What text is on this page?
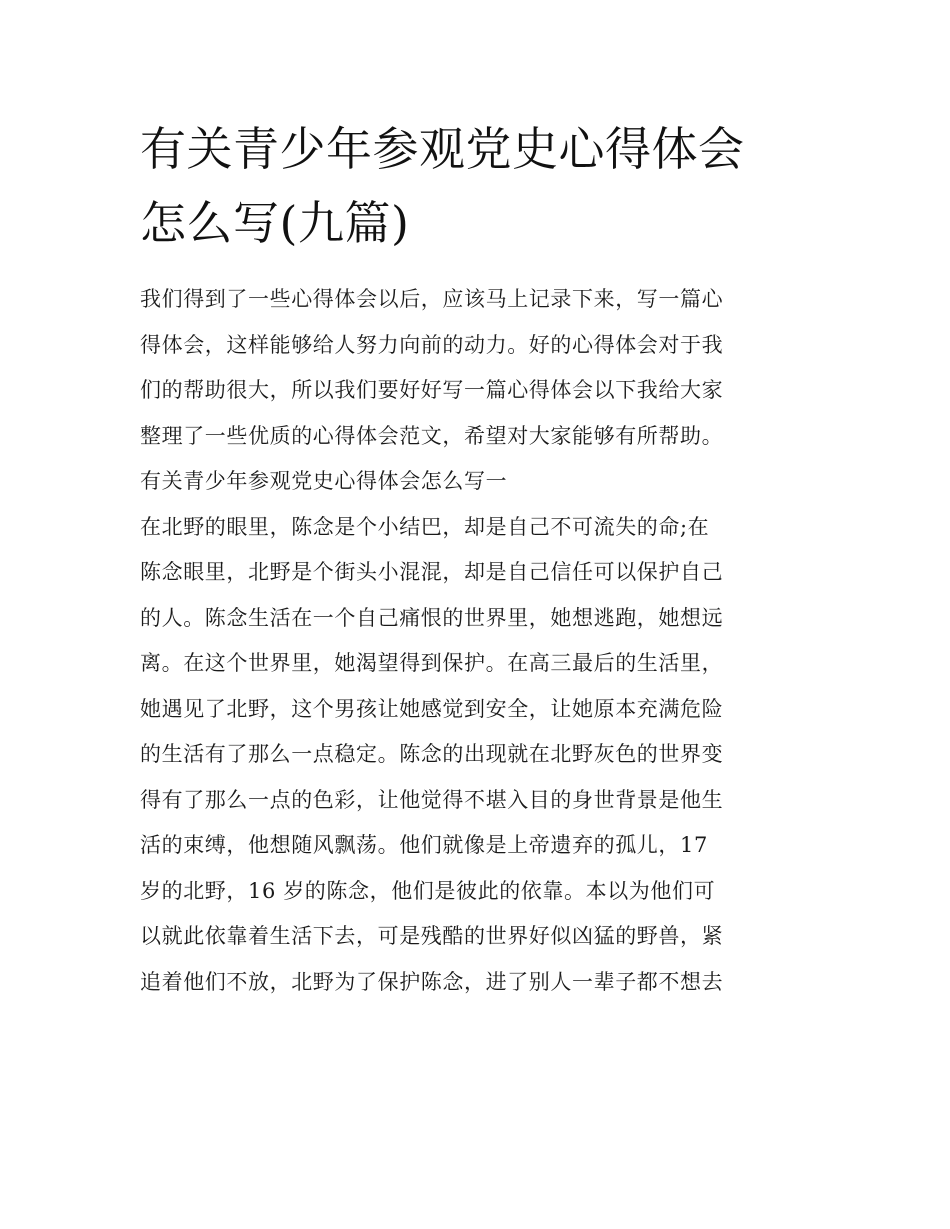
有关青少年参观党史心得体会
怎么写(九篇)
我们得到了一些心得体会以后，应该马上记录下来，写一篇心
得体会，这样能够给人努力向前的动力。好的心得体会对于我
们的帮助很大，所以我们要好好写一篇心得体会以下我给大家
整理了一些优质的心得体会范文，希望对大家能够有所帮助。
有关青少年参观党史心得体会怎么写一
在北野的眼里，陈念是个小结巴，却是自己不可流失的命;在
陈念眼里，北野是个街头小混混，却是自己信任可以保护自己
的人。陈念生活在一个自己痛恨的世界里，她想逃跑，她想远
离。在这个世界里，她渴望得到保护。在高三最后的生活里，
她遇见了北野，这个男孩让她感觉到安全，让她原本充满危险
的生活有了那么一点稳定。陈念的出现就在北野灰色的世界变
得有了那么一点的色彩，让他觉得不堪入目的身世背景是他生
活的束缚，他想随风飘荡。他们就像是上帝遗弃的孤儿，17
岁的北野，16 岁的陈念，他们是彼此的依靠。本以为他们可
以就此依靠着生活下去，可是残酷的世界好似凶猛的野兽，紧
追着他们不放，北野为了保护陈念，进了别人一辈子都不想去
